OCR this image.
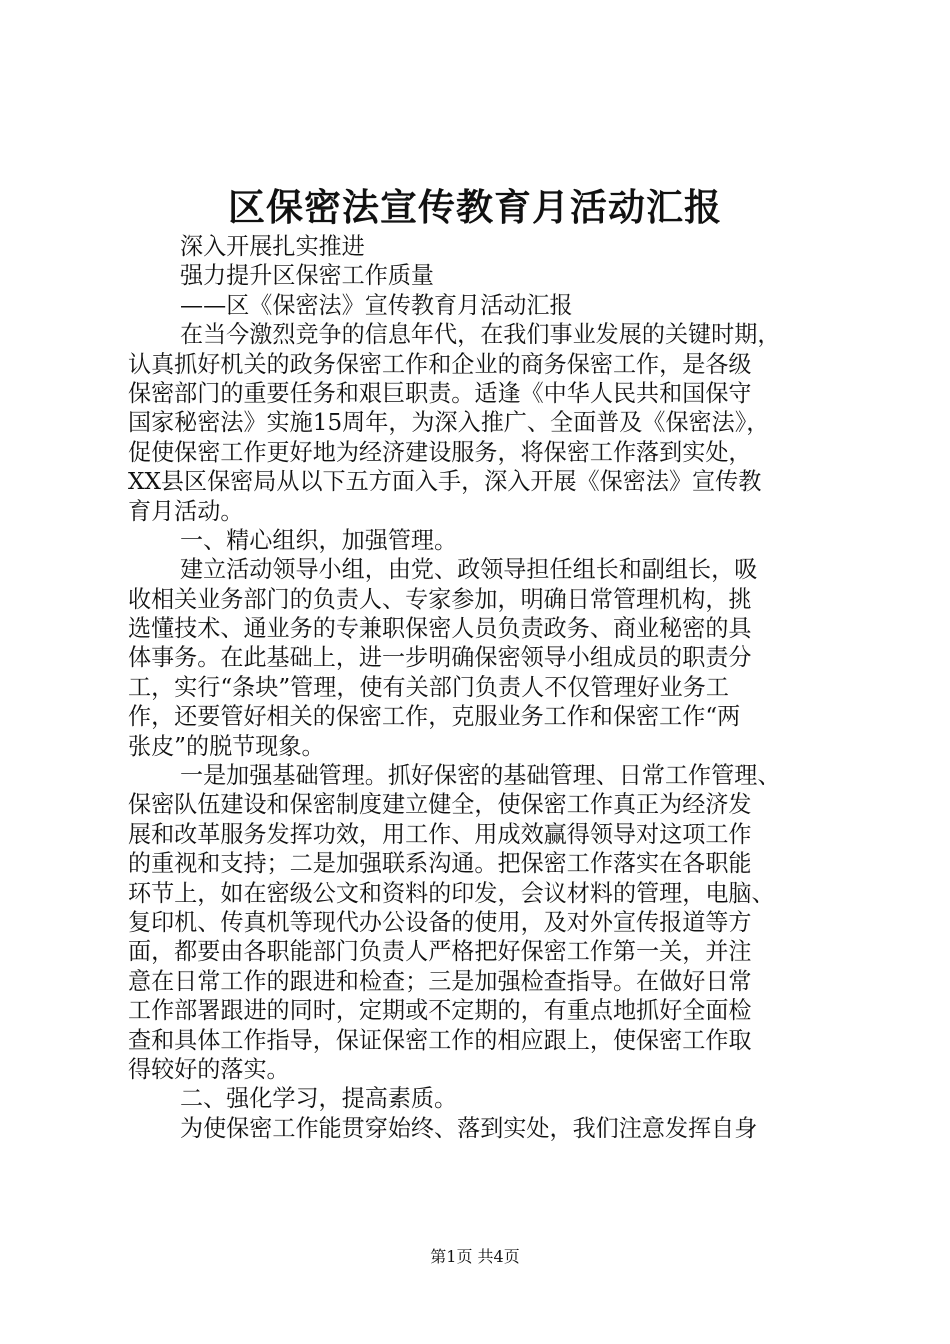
区保密法宣传教育月活动汇报
深入开展扎实推进
强力提升区保密工作质量
——区《保密法》宣传教育月活动汇报
在当今激烈竞争的信息年代，在我们事业发展的关键时期，
认真抓好机关的政务保密工作和企业的商务保密工作，是各级
保密部门的重要任务和艰巨职责。适逢《中华人民共和国保守
国家秘密法》实施15周年，为深入推广、全面普及《保密法》，
促使保密工作更好地为经济建设服务，将保密工作落到实处，
XX县区保密局从以下五方面入手，深入开展《保密法》宣传教
育月活动。
一、精心组织，加强管理。
建立活动领导小组，由党、政领导担任组长和副组长，吸
收相关业务部门的负责人、专家参加，明确日常管理机构，挑
选懂技术、通业务的专兼职保密人员负责政务、商业秘密的具
体事务。在此基础上，进一步明确保密领导小组成员的职责分
工，实行“条块”管理，使有关部门负责人不仅管理好业务工
作，还要管好相关的保密工作，克服业务工作和保密工作“两
张皮”的脱节现象。
一是加强基础管理。抓好保密的基础管理、日常工作管理、
保密队伍建设和保密制度建立健全，使保密工作真正为经济发
展和改革服务发挥功效，用工作、用成效赢得领导对这项工作
的重视和支持；二是加强联系沟通。把保密工作落实在各职能
环节上，如在密级公文和资料的印发，会议材料的管理，电脑、
复印机、传真机等现代办公设备的使用，及对外宣传报道等方
面，都要由各职能部门负责人严格把好保密工作第一关，并注
意在日常工作的跟进和检查；三是加强检查指导。在做好日常
工作部署跟进的同时，定期或不定期的，有重点地抓好全面检
查和具体工作指导，保证保密工作的相应跟上，使保密工作取
得较好的落实。
二、强化学习，提高素质。
为使保密工作能贯穿始终、落到实处，我们注意发挥自身
第1页 共4页
